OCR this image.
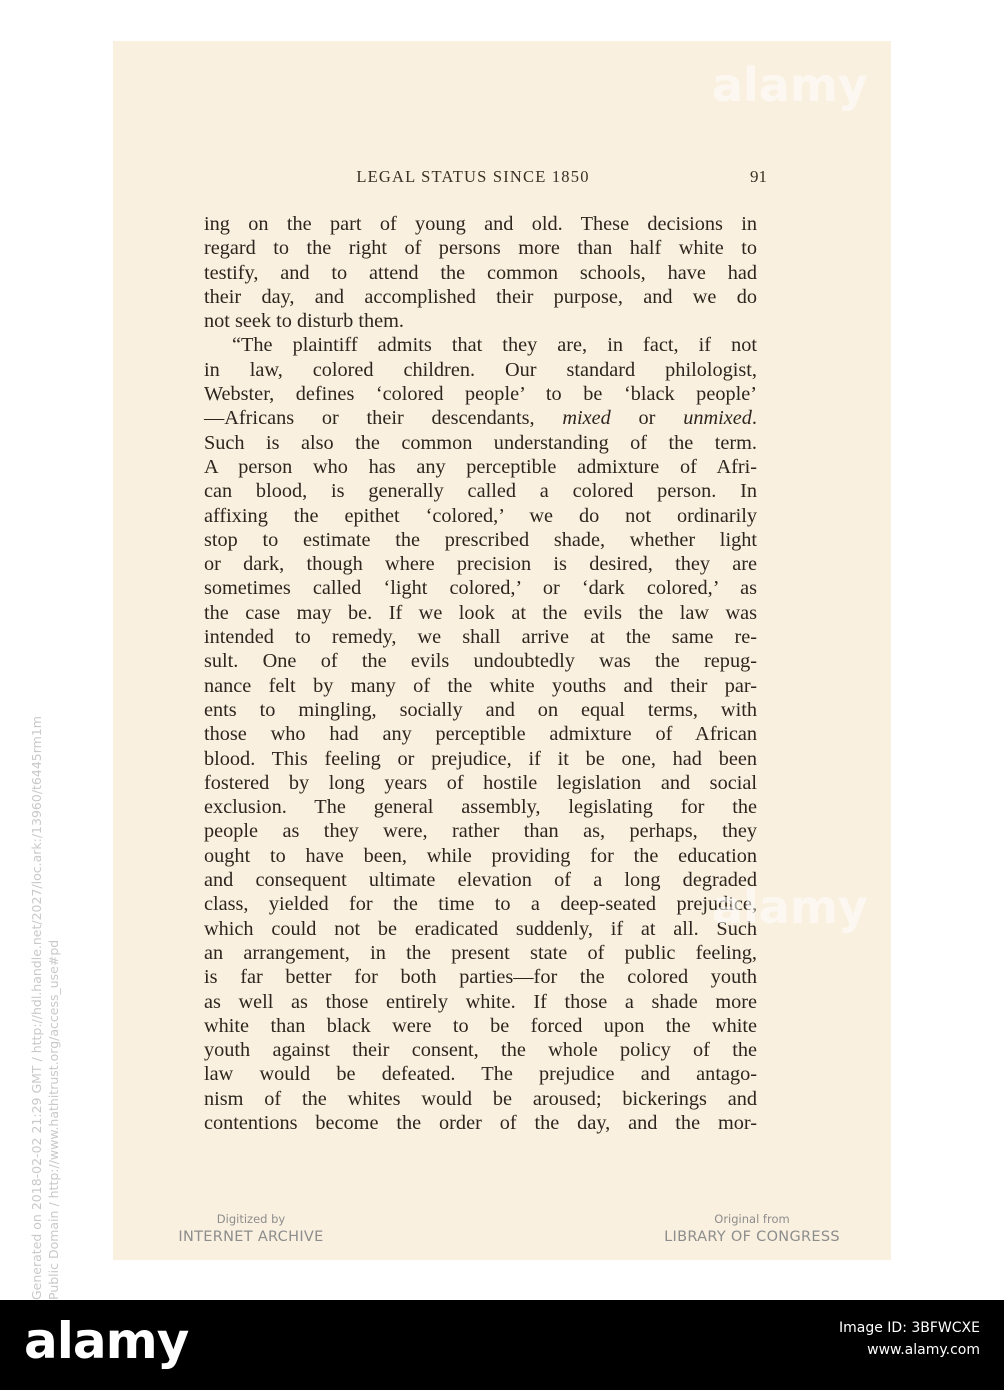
LEGAL STATUS SINCE 1850	91
ing on the part of young and old. These decisions in
regard to the right of persons more than half white to
testify, and to attend the common schools, have had
their day, and accomplished their purpose, and we do
not seek to disturb them.
“The plaintiff admits that they are, in fact, if not
in law, colored children. Our standard philologist,
Webster, defines ‘colored people’ to be ‘black people’
—Africans or their descendants, mixed or unmixed.
Such is also the common understanding of the term.
A person who has any perceptible admixture of Afri-
can blood, is generally called a colored person. In
affixing the epithet ‘colored,’ we do not ordinarily
stop to estimate the prescribed shade, whether light
or dark, though where precision is desired, they are
sometimes called ‘light colored,’ or ‘dark colored,’ as
the case may be. If we look at the evils the law was
intended to remedy, we shall arrive at the same re-
sult. One of the evils undoubtedly was the repug-
nance felt by many of the white youths and their par-
ents to mingling, socially and on equal terms, with
those who had any perceptible admixture of African
blood. This feeling or prejudice, if it be one, had been
fostered by long years of hostile legislation and social
exclusion. The general assembly, legislating for the
people as they were, rather than as, perhaps, they
ought to have been, while providing for the education
and consequent ultimate elevation of a long degraded
class, yielded for the time to a deep-seated prejudice,
which could not be eradicated suddenly, if at all. Such
an arrangement, in the present state of public feeling,
is far better for both parties—for the colored youth
as well as those entirely white. If those a shade more
white than black were to be forced upon the white
youth against their consent, the whole policy of the
law would be defeated. The prejudice and antago-
nism of the whites would be aroused; bickerings and
contentions become the order of the day, and the mor-
alamy
alamy
Digitized by
INTERNET ARCHIVE
Original from
LIBRARY OF CONGRESS
Generated on 2018-02-02 21:29 GMT / http://hdl.handle.net/2027/loc.ark:/13960/t6445rm1m Public Domain / http://www.hathitrust.org/access_use#pd
alamy	Image ID: 3BFWCXE
www.alamy.com
